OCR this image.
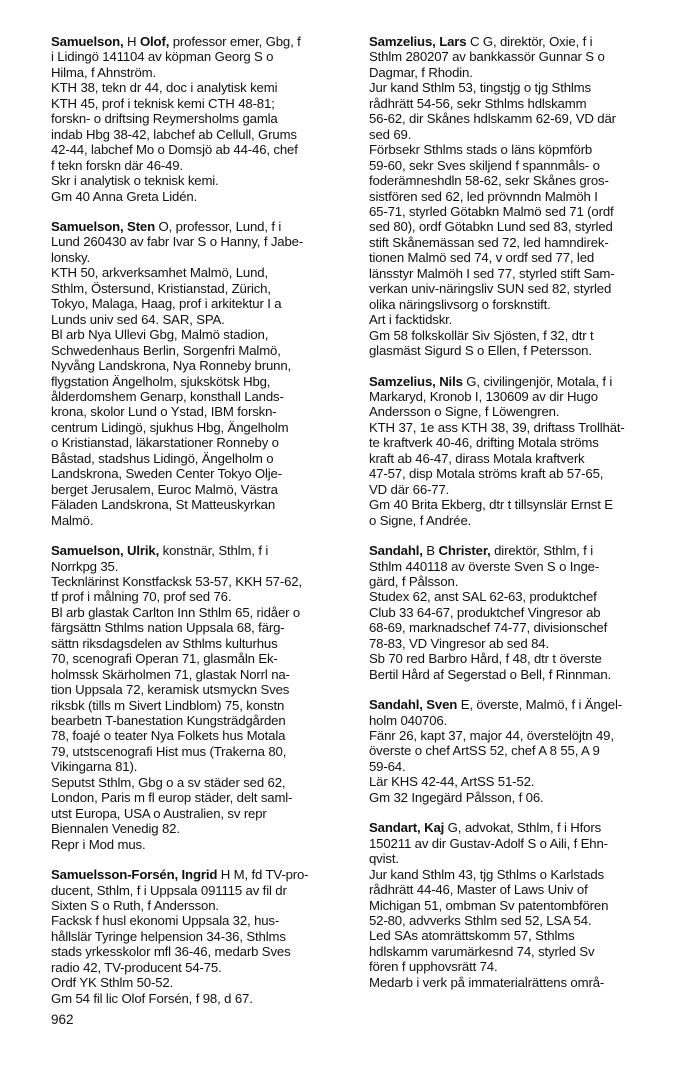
Samuelson, H Olof, professor emer, Gbg, f
i Lidingö 141104 av köpman Georg S o
Hilma, f Ahnström.
KTH 38, tekn dr 44, doc i analytisk kemi
KTH 45, prof i teknisk kemi CTH 48-81;
forskn- o driftsing Reymersholms gamla
indab Hbg 38-42, labchef ab Cellull, Grums
42-44, labchef Mo o Domsjö ab 44-46, chef
f tekn forskn där 46-49.
Skr i analytisk o teknisk kemi.
Gm 40 Anna Greta Lidén.
Samuelson, Sten O, professor, Lund, f i
Lund 260430 av fabr Ivar S o Hanny, f Jabe-
lonsky.
KTH 50, arkverksamhet Malmö, Lund,
Sthlm, Östersund, Kristianstad, Zürich,
Tokyo, Malaga, Haag, prof i arkitektur I a
Lunds univ sed 64. SAR, SPA.
Bl arb Nya Ullevi Gbg, Malmö stadion,
Schwedenhaus Berlin, Sorgenfri Malmö,
Nyvång Landskrona, Nya Ronneby brunn,
flygstation Ängelholm, sjukskötsk Hbg,
ålderdomshem Genarp, konsthall Lands-
krona, skolor Lund o Ystad, IBM forskn-
centrum Lidingö, sjukhus Hbg, Ängelholm
o Kristianstad, läkarstationer Ronneby o
Båstad, stadshus Lidingö, Ängelholm o
Landskrona, Sweden Center Tokyo Olje-
berget Jerusalem, Euroc Malmö, Västra
Fäladen Landskrona, St Matteuskyrkan
Malmö.
Samuelson, Ulrik, konstnär, Sthlm, f i
Norrkpg 35.
Tecknlärinst Konstfacksk 53-57, KKH 57-62,
tf prof i målning 70, prof sed 76.
Bl arb glastak Carlton Inn Sthlm 65, ridåer o
färgsättn Sthlms nation Uppsala 68, färg-
sättn riksdagsdelen av Sthlms kulturhus
70, scenografi Operan 71, glasmåln Ek-
holmssk Skärholmen 71, glastak Norrl na-
tion Uppsala 72, keramisk utsmyckn Sves
riksbk (tills m Sivert Lindblom) 75, konstn
bearbetn T-banestation Kungsträdgården
78, foajé o teater Nya Folkets hus Motala
79, utstscenografi Hist mus (Trakerna 80,
Vikingarna 81).
Seputst Sthlm, Gbg o a sv städer sed 62,
London, Paris m fl europ städer, delt saml-
utst Europa, USA o Australien, sv repr
Biennalen Venedig 82.
Repr i Mod mus.
Samuelsson-Forsén, Ingrid H M, fd TV-pro-
ducent, Sthlm, f i Uppsala 091115 av fil dr
Sixten S o Ruth, f Andersson.
Facksk f husl ekonomi Uppsala 32, hus-
hållslär Tyringe helpension 34-36, Sthlms
stads yrkesskolor mfl 36-46, medarb Sves
radio 42, TV-producent 54-75.
Ordf YK Sthlm 50-52.
Gm 54 fil lic Olof Forsén, f 98, d 67.
Samzelius, Lars C G, direktör, Oxie, f i
Sthlm 280207 av bankkassör Gunnar S o
Dagmar, f Rhodin.
Jur kand Sthlm 53, tingstjg o tjg Sthlms
rådhrätt 54-56, sekr Sthlms hdlskamm
56-62, dir Skånes hdlskamm 62-69, VD där
sed 69.
Förbsekr Sthlms stads o läns köpmförb
59-60, sekr Sves skiljend f spannmåls- o
foderämneshdln 58-62, sekr Skånes gros-
sistfören sed 62, led prövnndn Malmöh I
65-71, styrled Götabkn Malmö sed 71 (ordf
sed 80), ordf Götabkn Lund sed 83, styrled
stift Skånemässan sed 72, led hamndirek-
tionen Malmö sed 74, v ordf sed 77, led
länsstyr Malmöh I sed 77, styrled stift Sam-
verkan univ-näringsliv SUN sed 82, styrled
olika näringslivsorg o forsknstift.
Art i facktidskr.
Gm 58 folkskollär Siv Sjösten, f 32, dtr t
glasmäst Sigurd S o Ellen, f Petersson.
Samzelius, Nils G, civilingenjör, Motala, f i
Markaryd, Kronob I, 130609 av dir Hugo
Andersson o Signe, f Löwengren.
KTH 37, 1e ass KTH 38, 39, driftass Trollhät-
te kraftverk 40-46, drifting Motala ströms
kraft ab 46-47, dirass Motala kraftverk
47-57, disp Motala ströms kraft ab 57-65,
VD där 66-77.
Gm 40 Brita Ekberg, dtr t tillsynslär Ernst E
o Signe, f Andrée.
Sandahl, B Christer, direktör, Sthlm, f i
Sthlm 440118 av överste Sven S o Inge-
gärd, f Pålsson.
Studex 62, anst SAL 62-63, produktchef
Club 33 64-67, produktchef Vingresor ab
68-69, marknadschef 74-77, divisionschef
78-83, VD Vingresor ab sed 84.
Sb 70 red Barbro Hård, f 48, dtr t överste
Bertil Hård af Segerstad o Bell, f Rinnman.
Sandahl, Sven E, överste, Malmö, f i Ängel-
holm 040706.
Fänr 26, kapt 37, major 44, överstelöjtn 49,
överste o chef ArtSS 52, chef A 8 55, A 9
59-64.
Lär KHS 42-44, ArtSS 51-52.
Gm 32 Ingegärd Pålsson, f 06.
Sandart, Kaj G, advokat, Sthlm, f i Hfors
150211 av dir Gustav-Adolf S o Aili, f Ehn-
qvist.
Jur kand Sthlm 43, tjg Sthlms o Karlstads
rådhrätt 44-46, Master of Laws Univ of
Michigan 51, ombman Sv patentombfören
52-80, advverks Sthlm sed 52, LSA 54.
Led SAs atomrättskomm 57, Sthlms
hdlskamm varumärkesnd 74, styrled Sv
fören f upphovsrätt 74.
Medarb i verk på immaterialrättens områ-
962
